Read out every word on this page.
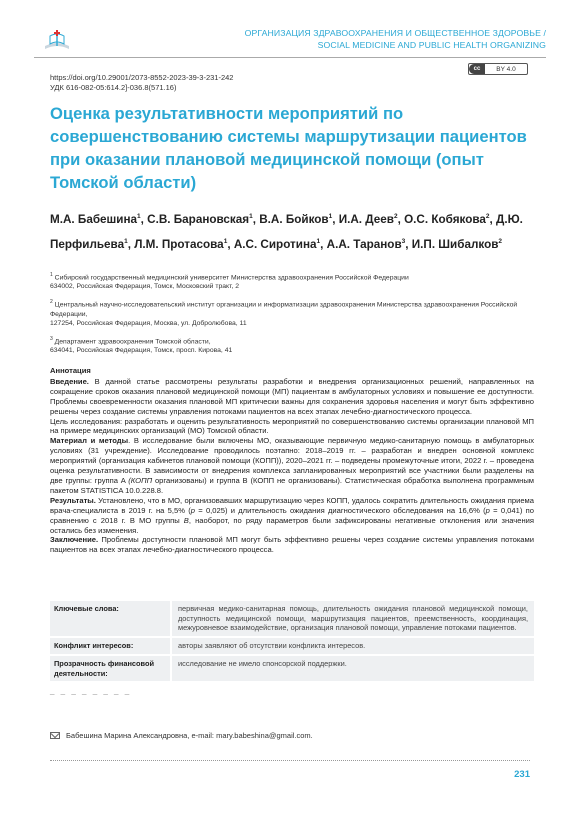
ОРГАНИЗАЦИЯ ЗДРАВООХРАНЕНИЯ И ОБЩЕСТВЕННОЕ ЗДОРОВЬЕ /
SOCIAL MEDICINE AND PUBLIC HEALTH ORGANIZING
cc	BY 4.0
https://doi.org/10.29001/2073-8552-2023-39-3-231-242
УДК 616-082-05:614.2]-036.8(571.16)
Оценка результативности мероприятий по совершенствованию системы маршрутизации пациентов при оказании плановой медицинской помощи (опыт Томской области)
М.А. Бабешина$^1$, С.В. Барановская$^1$, В.А. Бойков$^1$, И.А. Деев$^2$, О.С. Кобякова$^2$, Д.Ю. Перфильева$^1$, Л.М. Протасова$^1$, А.С. Сиротина$^1$, А.А. Таранов$^3$, И.П. Шибалков$^2$
$^1$ Сибирский государственный медицинский университет Министерства здравоохранения Российской Федерации
634002, Российская Федерация, Томск, Московский тракт, 2
$^2$ Центральный научно-исследовательский институт организации и информатизации здравоохранения Министерства здравоохранения Российской Федерации,
127254, Российская Федерация, Москва, ул. Добролюбова, 11
$^3$ Департамент здравоохранения Томской области,
634041, Российская Федерация, Томск, просп. Кирова, 41
Аннотация

Введение. В данной статье рассмотрены результаты разработки и внедрения организационных решений, направленных на сокращение сроков оказания плановой медицинской помощи (МП) пациентам в амбулаторных условиях и повышение ее доступности. Проблемы своевременности оказания плановой МП критически важны для сохранения здоровья населения и могут быть эффективно решены через создание системы управления потоками пациентов на всех этапах лечебно-диагностического процесса.

Цель исследования: разработать и оценить результативность мероприятий по совершенствованию системы организации плановой МП на примере медицинских организаций (МО) Томской области.

Материал и методы. В исследование были включены МО, оказывающие первичную медико-санитарную помощь в амбулаторных условиях (31 учреждение). Исследование проводилось поэтапно: 2018–2019 гг. – разработан и внедрен основной комплекс мероприятий (организация кабинетов плановой помощи (КОПП)), 2020–2021 гг. – подведены промежуточные итоги, 2022 г. – проведена оценка результативности. В зависимости от внедрения комплекса запланированных мероприятий все участники были разделены на две группы: группа A (КОПП организованы) и группа B (КОПП не организованы). Статистическая обработка выполнена программным пакетом STATISTICA 10.0.228.8.

Результаты. Установлено, что в МО, организовавших маршрутизацию через КОПП, удалось сократить длительность ожидания приема врача-специалиста в 2019 г. на 5,5% (p = 0,025) и длительность ожидания диагностического обследования на 16,6% (p = 0,041) по сравнению с 2018 г. В МО группы B, наоборот, по ряду параметров были зафиксированы негативные отклонения или значения остались без изменения.

Заключение. Проблемы доступности плановой МП могут быть эффективно решены через создание системы управления потоками пациентов на всех этапах лечебно-диагностического процесса.

Ключевые слова:	первичная медико-санитарная помощь, длительность ожидания плановой медицинской помощи, доступность медицинской помощи, маршрутизация пациентов, преемственность, координация, межуровневое взаимодействие, организация плановой помощи, управление потоками пациентов.
Конфликт интересов:	авторы заявляют об отсутствии конфликта интересов.
Прозрачность финансовой деятельности:
исследование не имело спонсорской поддержки.
_ _ _ _ _ _ _ _
Бабешина Марина Александровна, e-mail: mary.babeshina@gmail.com.
231
